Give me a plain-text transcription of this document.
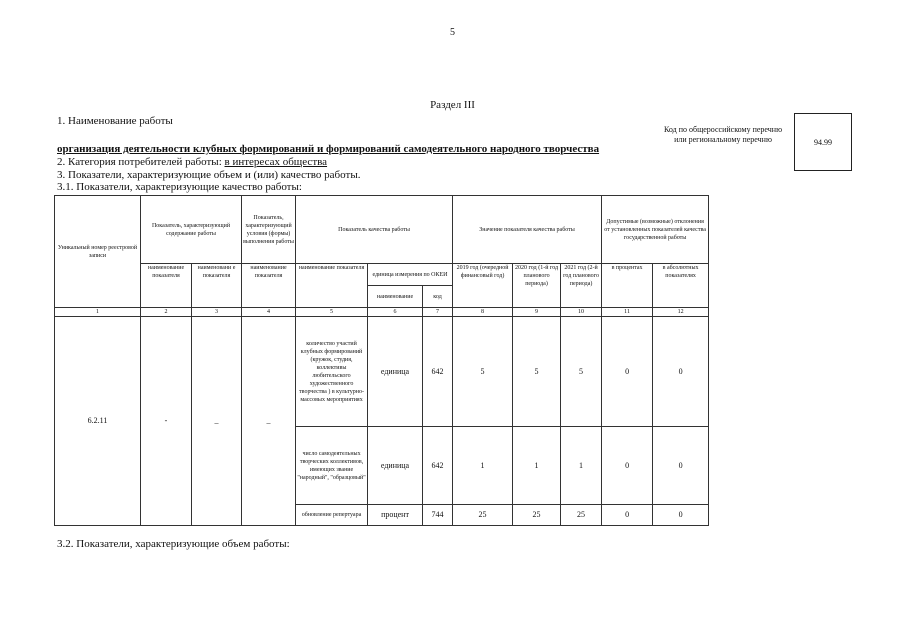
5
Раздел III
1. Наименование работы
организация деятельности клубных формирований и формирований самодеятельного народного творчества
Код по общероссийскому перечню или региональному перечню	94.99
2. Категория потребителей работы: в интересах общества
3. Показатели, характеризующие объем и (или) качество работы.
3.1. Показатели, характеризующие качество работы:
Уникальный номер реестровой записи	Показатель, характеризующий содержание работы		Показатель, характеризующий условия (формы) выполнения работы	Показатель качества работы			Значение показателя качества работы			Допустимые (возможные) отклонения от установленных показателей качества государственной работы	
	наименование показателя	наименовани е показателя	наименование показателя	наименование показателя	единица измерения по ОКЕИ		2019 год (очередной финансовый год)	2020 год (1-й год планового периода)	2021 год (2-й год планового периода)	в процентах	в абсолютных показателях
					наименование	код					
1	2	3	4	5	6	7	8	9	10	11	12
6.2.11	-	_	_	количество участий клубных формирований (кружок, студия, коллективы любительского художественного творчества ) в культурно-массовых мероприятиях	единица	642	5	5	5	0	0
				число самодеятельных творческих коллективов, имеющих звание "народный", "образцовый"	единица	642	1	1	1	0	0
				обновление репертуара	процент	744	25	25	25	0	0
3.2. Показатели, характеризующие объем работы:
